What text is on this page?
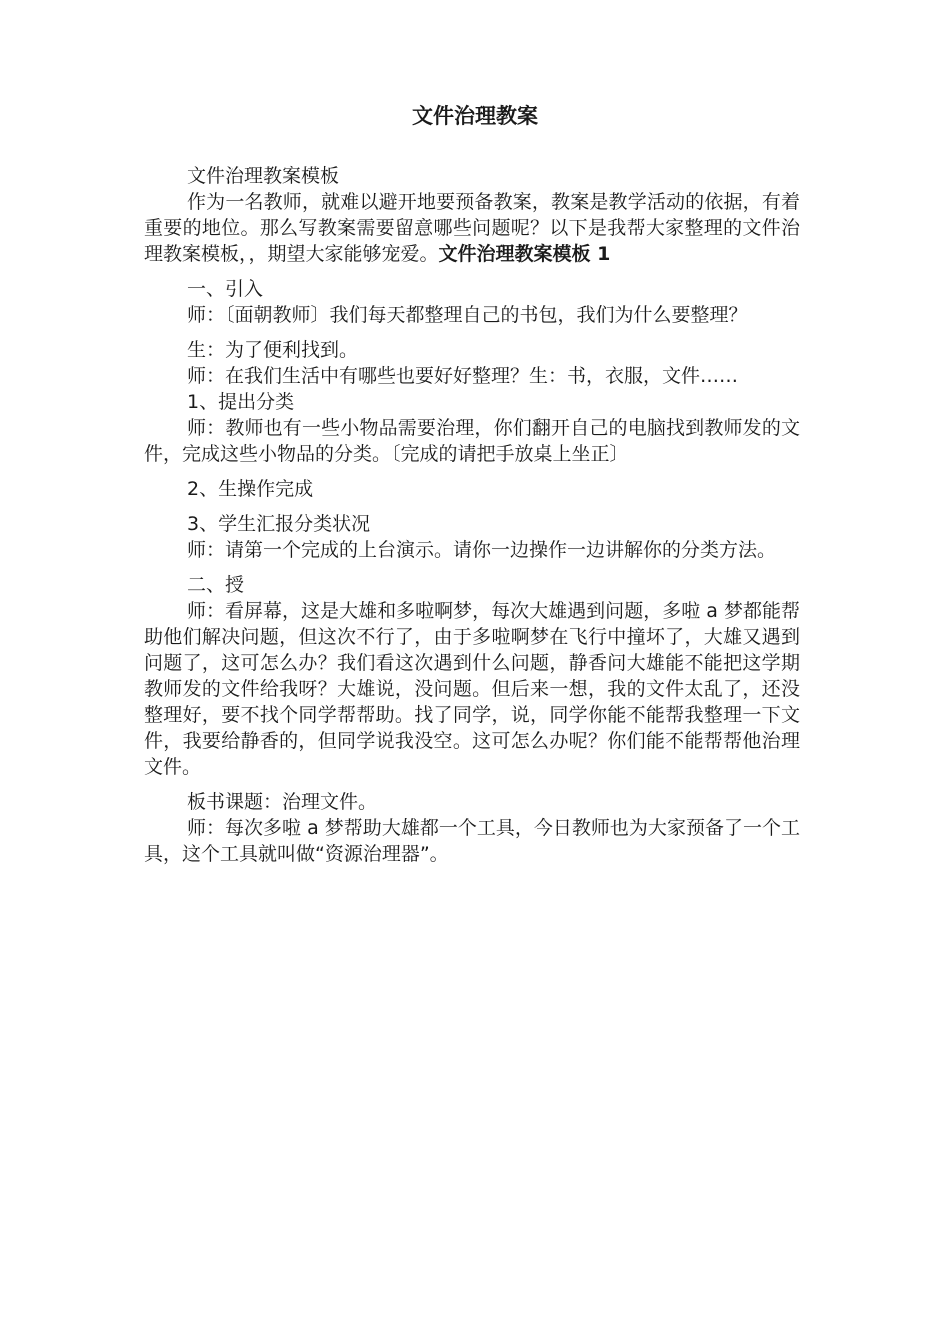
文件治理教案

文件治理教案模板

作为一名教师，就难以避开地要预备教案，教案是教学活动的依据，有着重要的地位。那么写教案需要留意哪些问题呢？以下是我帮大家整理的文件治理教案模板，，期望大家能够宠爱。文件治理教案模板 1

一、引入

师：〔面朝教师〕我们每天都整理自己的书包，我们为什么要整理？

生：为了便利找到。

师：在我们生活中有哪些也要好好整理？生：书，衣服，文件……

1、提出分类

师：教师也有一些小物品需要治理，你们翻开自己的电脑找到教师发的文件，完成这些小物品的分类。〔完成的请把手放桌上坐正〕

2、生操作完成

3、学生汇报分类状况

师：请第一个完成的上台演示。请你一边操作一边讲解你的分类方法。

二、授

师：看屏幕，这是大雄和多啦啊梦，每次大雄遇到问题，多啦 a 梦都能帮助他们解决问题，但这次不行了，由于多啦啊梦在飞行中撞坏了，大雄又遇到问题了，这可怎么办？我们看这次遇到什么问题，静香问大雄能不能把这学期教师发的文件给我呀？大雄说，没问题。但后来一想，我的文件太乱了，还没整理好，要不找个同学帮帮助。找了同学，说，同学你能不能帮我整理一下文件，我要给静香的，但同学说我没空。这可怎么办呢？你们能不能帮帮他治理文件。

板书课题：治理文件。

师：每次多啦 a 梦帮助大雄都一个工具，今日教师也为大家预备了一个工具，这个工具就叫做“资源治理器”。
